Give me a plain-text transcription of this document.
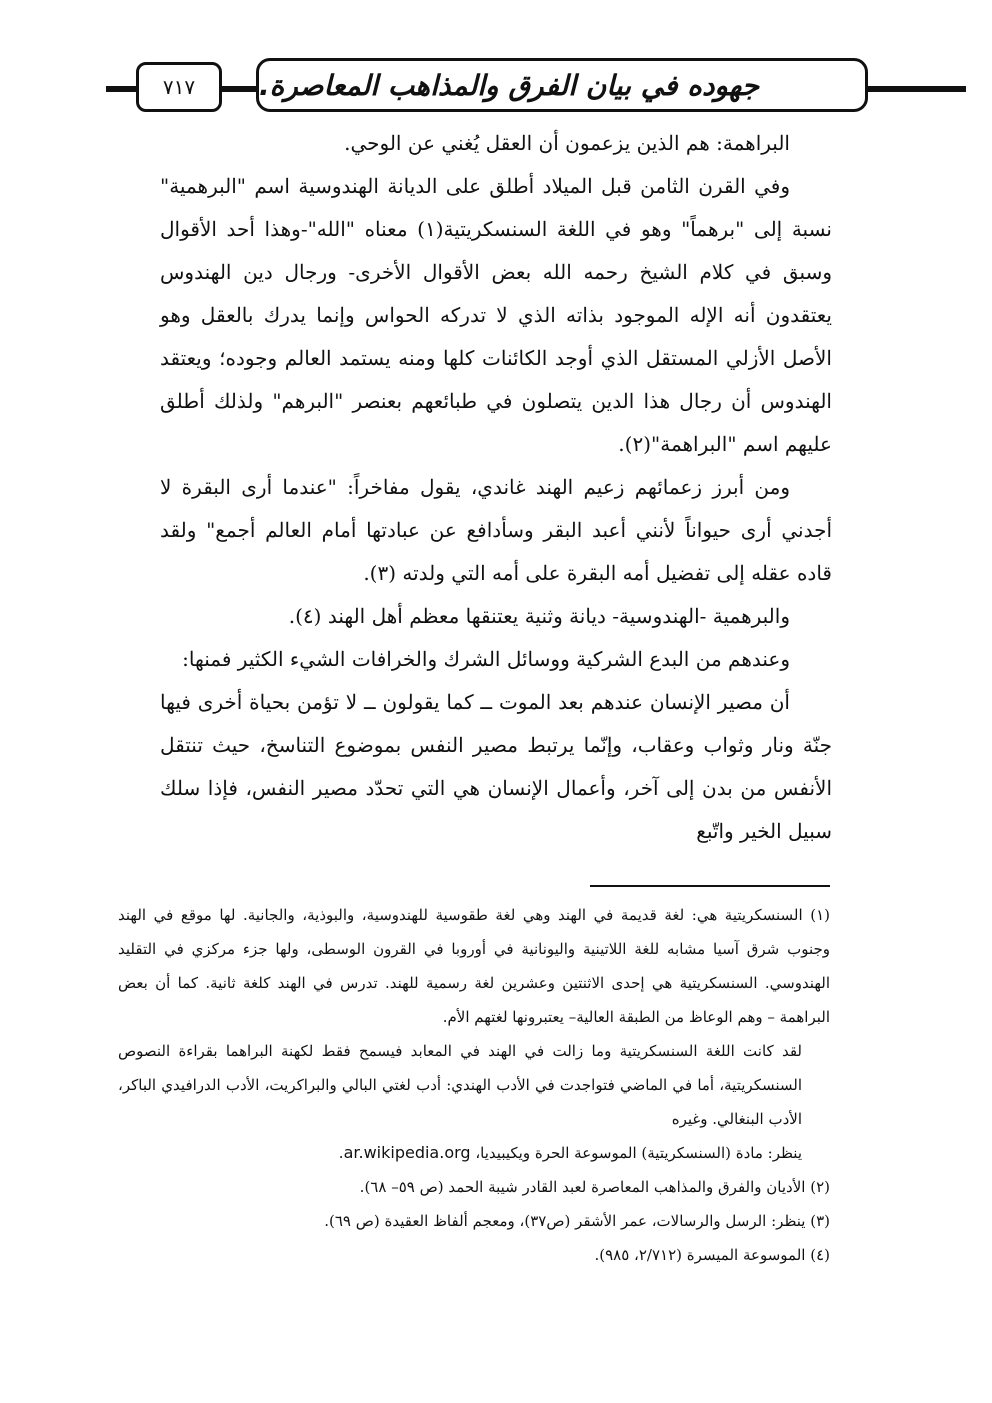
٧١٧	جهوده في بيان الفرق والمذاهب المعاصرة.

البراهمة: هم الذين يزعمون أن العقل يُغني عن الوحي.

وفي القرن الثامن قبل الميلاد أطلق على الديانة الهندوسية اسم "البرهمية" نسبة إلى "برهماً" وهو في اللغة السنسكريتية(١) معناه "الله"-وهذا أحد الأقوال وسبق في كلام الشيخ رحمه الله بعض الأقوال الأخرى- ورجال دين الهندوس يعتقدون أنه الإله الموجود بذاته الذي لا تدركه الحواس وإنما يدرك بالعقل وهو الأصل الأزلي المستقل الذي أوجد الكائنات كلها ومنه يستمد العالم وجوده؛ ويعتقد الهندوس أن رجال هذا الدين يتصلون في طبائعهم بعنصر "البرهم" ولذلك أطلق عليهم اسم "البراهمة"(٢).

ومن أبرز زعمائهم زعيم الهند غاندي، يقول مفاخراً: "عندما أرى البقرة لا أجدني أرى حيواناً لأنني أعبد البقر وسأدافع عن عبادتها أمام العالم أجمع" ولقد قاده عقله إلى تفضيل أمه البقرة على أمه التي ولدته (٣).

والبرهمية -الهندوسية- ديانة وثنية يعتنقها معظم أهل الهند (٤).

وعندهم من البدع الشركية ووسائل الشرك والخرافات الشيء الكثير فمنها:

أن مصير الإنسان عندهم بعد الموت ــ كما يقولون ــ لا تؤمن بحياة أخرى فيها جنّة ونار وثواب وعقاب، وإنّما يرتبط مصير النفس بموضوع التناسخ، حيث تنتقل الأنفس من بدن إلى آخر، وأعمال الإنسان هي التي تحدّد مصير النفس، فإذا سلك سبيل الخير واتّبع

(١) السنسكريتية هي: لغة قديمة في الهند وهي لغة طقوسية للهندوسية، والبوذية، والجانية. لها موقع في الهند وجنوب شرق آسيا مشابه للغة اللاتينية واليونانية في أوروبا في القرون الوسطى، ولها جزء مركزي في التقليد الهندوسي. السنسكريتية هي إحدى الاثنتين وعشرين لغة رسمية للهند. تدرس في الهند كلغة ثانية. كما أن بعض البراهمة – وهم الوعاظ من الطبقة العالية– يعتبرونها لغتهم الأم.

لقد كانت اللغة السنسكريتية وما زالت في الهند في المعابد فيسمح فقط لكهنة البراهما بقراءة النصوص السنسكريتية، أما في الماضي فتواجدت في الأدب الهندي: أدب لغتي البالي والبراكريت، الأدب الدرافيدي الباكر، الأدب البنغالي. وغيره

ينظر: مادة (السنسكريتية) الموسوعة الحرة ويكيبيديا، ar.wikipedia.org.

(٢) الأديان والفرق والمذاهب المعاصرة لعبد القادر شيبة الحمد (ص ٥٩– ٦٨).

(٣) ينظر: الرسل والرسالات، عمر الأشقر (ص٣٧)، ومعجم ألفاظ العقيدة (ص ٦٩).

(٤) الموسوعة الميسرة (٢/٧١٢، ٩٨٥).
